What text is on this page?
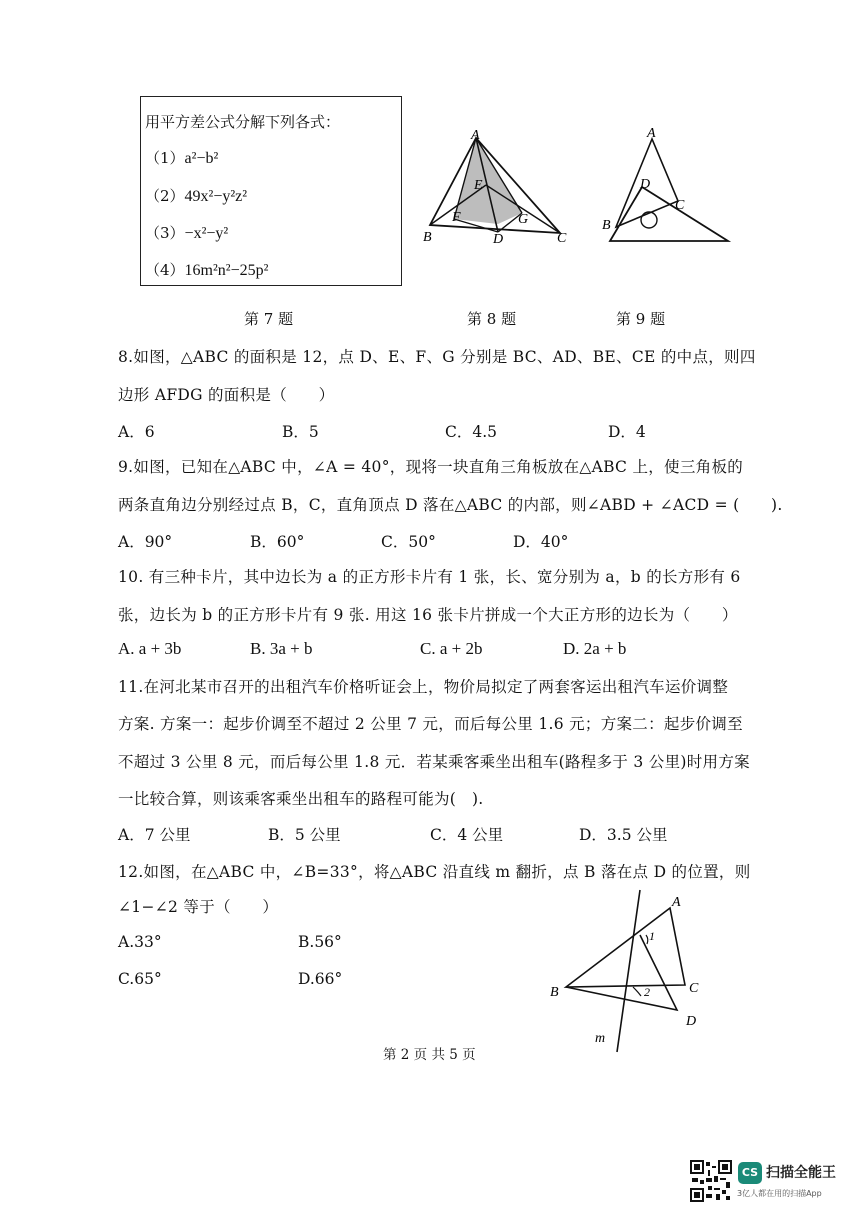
用平方差公式分解下列各式：
（1）a²−b²
（2）49x²−y²z²
（3）−x²−y²
（4）16m²n²−25p²
A
B	C
D
E
F	G
A
B
C
D
第 7 题	第 8 题	第 9 题
8.如图，△ABC 的面积是 12，点 D、E、F、G 分别是 BC、AD、BE、CE 的中点，则四
边形 AFDG 的面积是（　　）
A．6	B．5	C．4.5	D．4
9.如图，已知在△ABC 中，∠A = 40°，现将一块直角三角板放在△ABC 上，使三角板的
两条直角边分别经过点 B，C，直角顶点 D 落在△ABC 的内部，则∠ABD + ∠ACD = (　　).
A．90°	B．60°	C．50°	D．40°
10. 有三种卡片，其中边长为 a 的正方形卡片有 1 张，长、宽分别为 a，b 的长方形有 6
张，边长为 b 的正方形卡片有 9 张. 用这 16 张卡片拼成一个大正方形的边长为（　　）
A. a + 3b	B. 3a + b	C. a + 2b	D. 2a + b
11.在河北某市召开的出租汽车价格听证会上，物价局拟定了两套客运出租汽车运价调整
方案. 方案一：起步价调至不超过 2 公里 7 元，而后每公里 1.6 元；方案二：起步价调至
不超过 3 公里 8 元，而后每公里 1.8 元．若某乘客乘坐出租车(路程多于 3 公里)时用方案
一比较合算，则该乘客乘坐出租车的路程可能为(　).
A．7 公里	B．5 公里	C．4 公里	D．3.5 公里
12.如图，在△ABC 中，∠B=33°，将△ABC 沿直线 m 翻折，点 B 落在点 D 的位置，则
∠1−∠2 等于（　　）
A.33°	B.56°
C.65°	D.66°
A
B	C
D
1
2
m
第 2 页 共 5 页
CS 扫描全能王
3亿人都在用的扫描App
